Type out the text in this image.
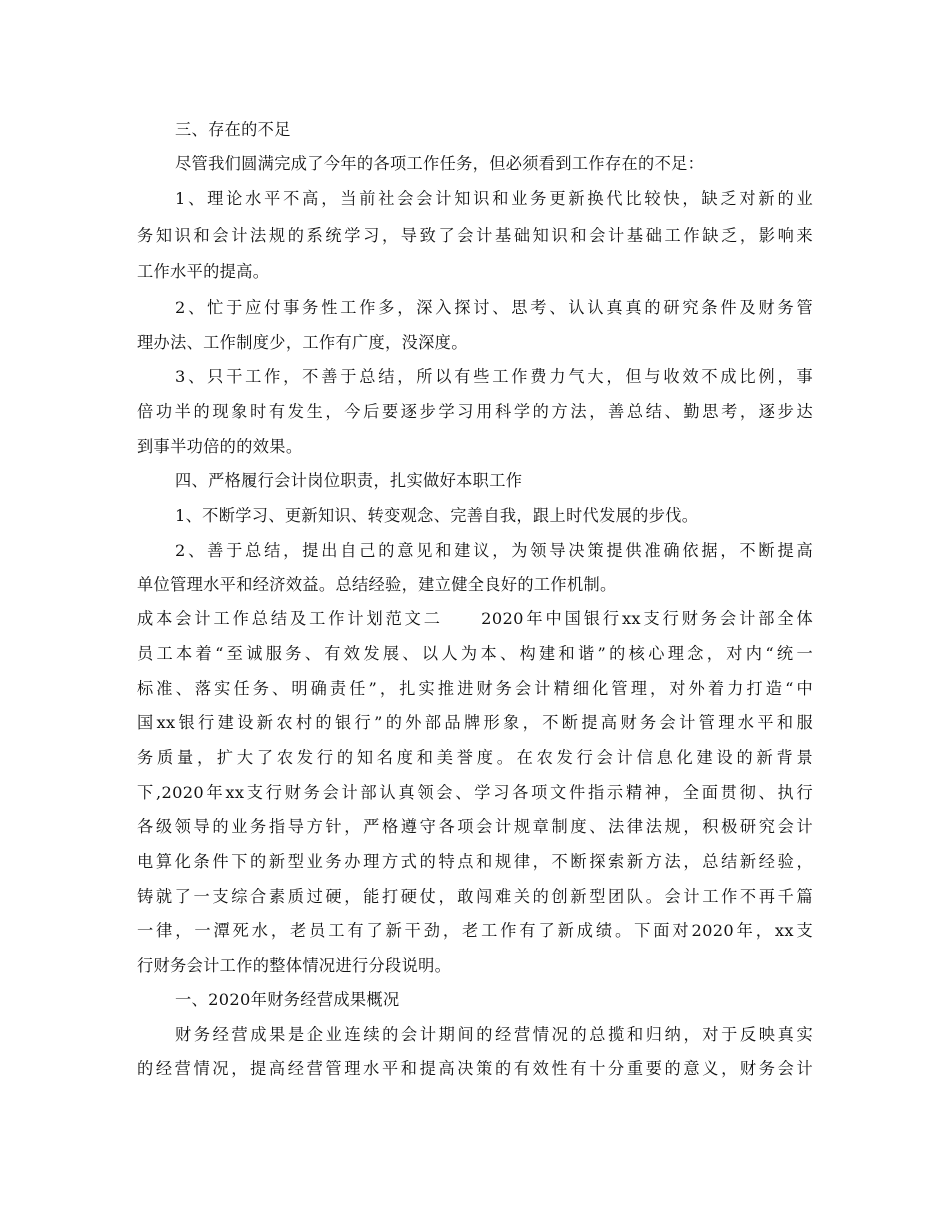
三、存在的不足
尽管我们圆满完成了今年的各项工作任务，但必须看到工作存在的不足：
1、理论水平不高，当前社会会计知识和业务更新换代比较快，缺乏对新的业
务知识和会计法规的系统学习，导致了会计基础知识和会计基础工作缺乏，影响来
工作水平的提高。
2、忙于应付事务性工作多，深入探讨、思考、认认真真的研究条件及财务管
理办法、工作制度少，工作有广度，没深度。
3、只干工作，不善于总结，所以有些工作费力气大，但与收效不成比例，事
倍功半的现象时有发生，今后要逐步学习用科学的方法，善总结、勤思考，逐步达
到事半功倍的的效果。
四、严格履行会计岗位职责，扎实做好本职工作
1、不断学习、更新知识、转变观念、完善自我，跟上时代发展的步伐。
2、善于总结，提出自己的意见和建议，为领导决策提供准确依据，不断提高
单位管理水平和经济效益。总结经验，建立健全良好的工作机制。
成本会计工作总结及工作计划范文二　　2020年中国银行xx支行财务会计部全体
员工本着“至诚服务、有效发展、以人为本、构建和谐”的核心理念，对内“统一
标准、落实任务、明确责任”，扎实推进财务会计精细化管理，对外着力打造“中
国xx银行建设新农村的银行”的外部品牌形象，不断提高财务会计管理水平和服
务质量，扩大了农发行的知名度和美誉度。在农发行会计信息化建设的新背景
下,2020年xx支行财务会计部认真领会、学习各项文件指示精神，全面贯彻、执行
各级领导的业务指导方针，严格遵守各项会计规章制度、法律法规，积极研究会计
电算化条件下的新型业务办理方式的特点和规律，不断探索新方法，总结新经验，
铸就了一支综合素质过硬，能打硬仗，敢闯难关的创新型团队。会计工作不再千篇
一律，一潭死水，老员工有了新干劲，老工作有了新成绩。下面对2020年，xx支
行财务会计工作的整体情况进行分段说明。
一、2020年财务经营成果概况
财务经营成果是企业连续的会计期间的经营情况的总揽和归纳，对于反映真实
的经营情况，提高经营管理水平和提高决策的有效性有十分重要的意义，财务会计
